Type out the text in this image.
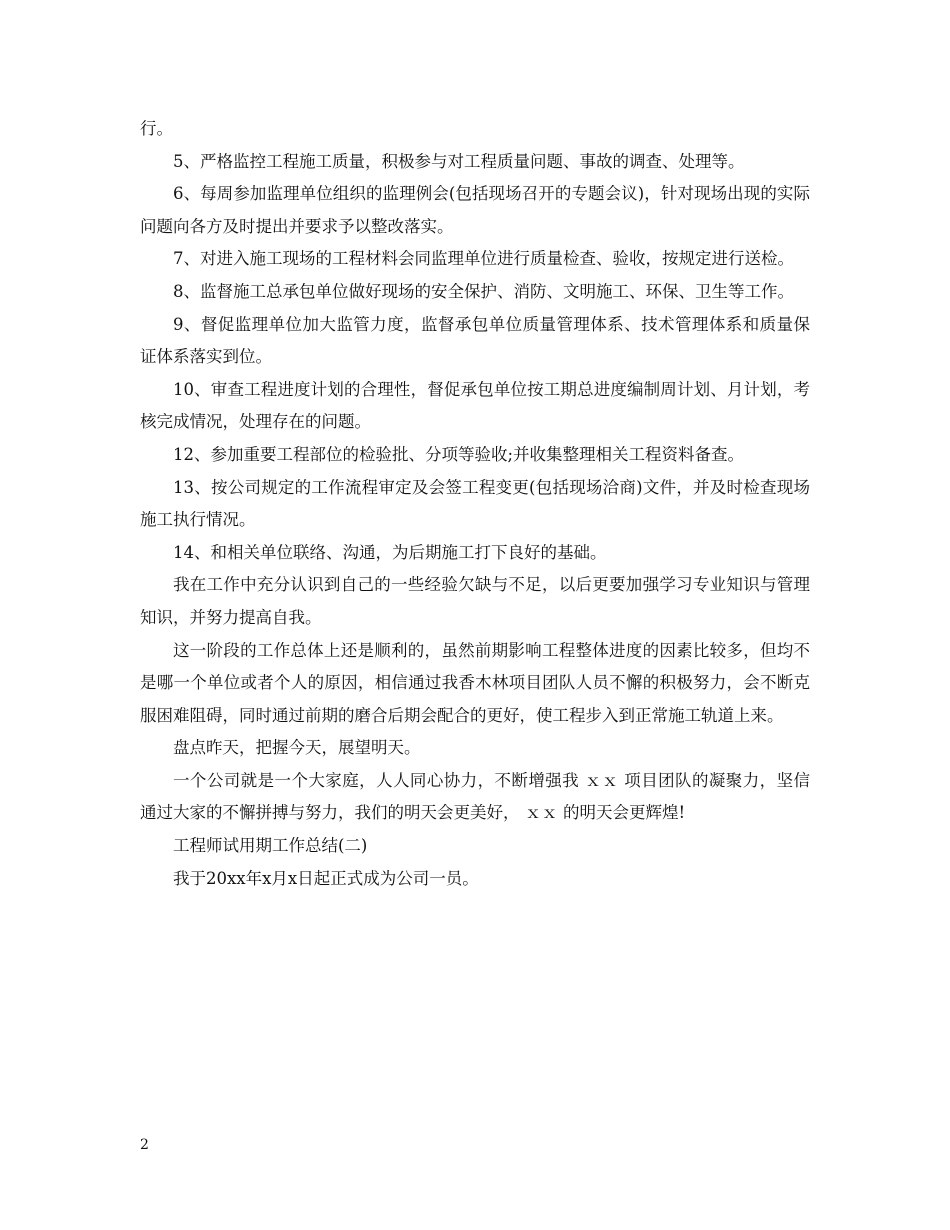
行。

5、严格监控工程施工质量，积极参与对工程质量问题、事故的调查、处理等。

6、每周参加监理单位组织的监理例会(包括现场召开的专题会议)，针对现场出现的实际问题向各方及时提出并要求予以整改落实。

7、对进入施工现场的工程材料会同监理单位进行质量检查、验收，按规定进行送检。

8、监督施工总承包单位做好现场的安全保护、消防、文明施工、环保、卫生等工作。

9、督促监理单位加大监管力度，监督承包单位质量管理体系、技术管理体系和质量保证体系落实到位。

10、审查工程进度计划的合理性，督促承包单位按工期总进度编制周计划、月计划，考核完成情况，处理存在的问题。

12、参加重要工程部位的检验批、分项等验收;并收集整理相关工程资料备查。

13、按公司规定的工作流程审定及会签工程变更(包括现场洽商)文件，并及时检查现场施工执行情况。

14、和相关单位联络、沟通，为后期施工打下良好的基础。

我在工作中充分认识到自己的一些经验欠缺与不足，以后更要加强学习专业知识与管理知识，并努力提高自我。

这一阶段的工作总体上还是顺利的，虽然前期影响工程整体进度的因素比较多，但均不是哪一个单位或者个人的原因，相信通过我香木林项目团队人员不懈的积极努力，会不断克服困难阻碍，同时通过前期的磨合后期会配合的更好，使工程步入到正常施工轨道上来。

盘点昨天，把握今天，展望明天。

一个公司就是一个大家庭，人人同心协力，不断增强我 ｘｘ 项目团队的凝聚力，坚信通过大家的不懈拼搏与努力，我们的明天会更美好， ｘｘ 的明天会更辉煌!

工程师试用期工作总结(二)

我于20xx年x月x日起正式成为公司一员。

2
